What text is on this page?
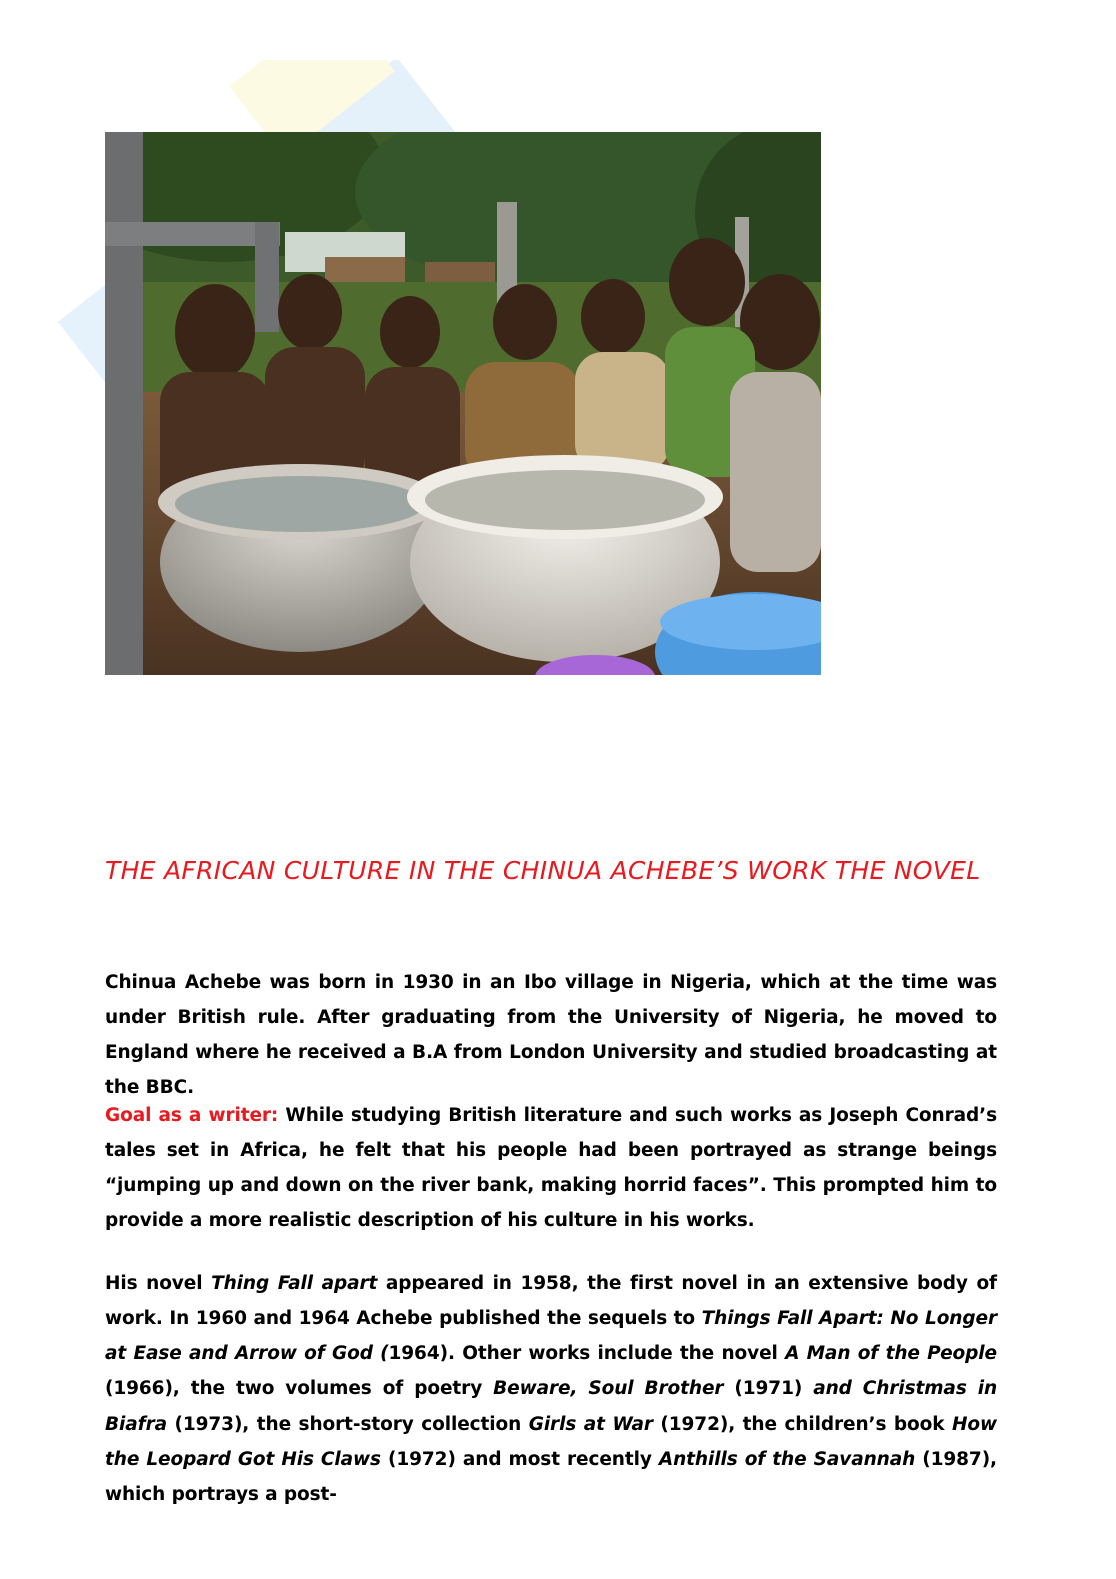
THE AFRICAN CULTURE IN THE CHINUA ACHEBE’S WORK THE NOVEL

Chinua Achebe was born in 1930 in an Ibo village in Nigeria, which at the time was under British rule. After graduating from the University of Nigeria, he moved to England where he received a B.A from London University and studied broadcasting at the BBC.

Goal as a writer: While studying British literature and such works as Joseph Conrad’s tales set in Africa, he felt that his people had been portrayed as strange beings “jumping up and down on the river bank, making horrid faces”. This prompted him to provide a more realistic description of his culture in his works.

His novel Thing Fall apart appeared in 1958, the first novel in an extensive body of work. In 1960 and 1964 Achebe published the sequels to Things Fall Apart: No Longer at Ease and Arrow of God (1964). Other works include the novel A Man of the People (1966), the two volumes of poetry Beware, Soul Brother (1971) and Christmas in Biafra (1973), the short-story collection Girls at War (1972), the children’s book How the Leopard Got His Claws (1972) and most recently Anthills of the Savannah (1987), which portrays a post-
